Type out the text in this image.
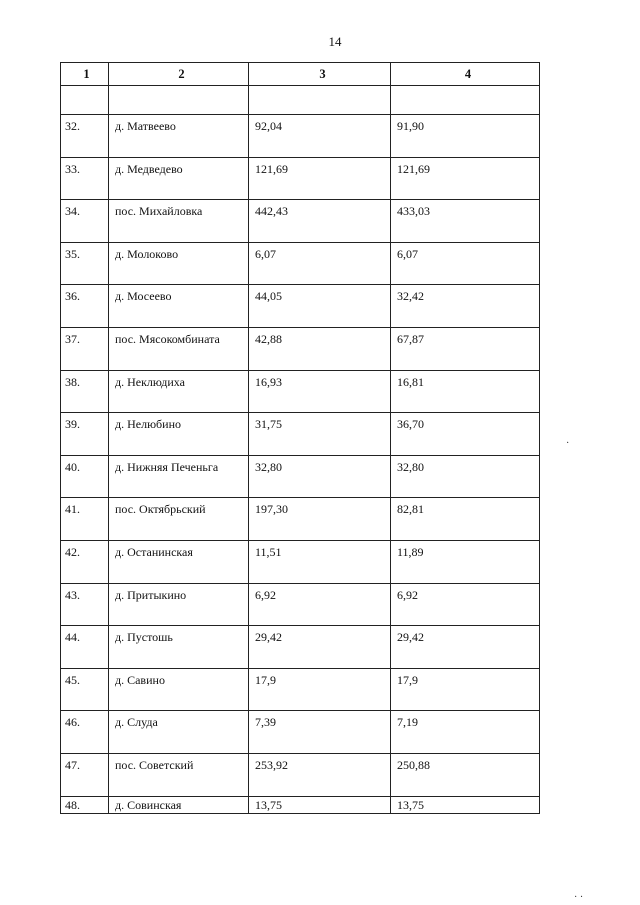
14
1	2	3	4

32.	д. Матвеево	92,04	91,90
33.	д. Медведево	121,69	121,69
34.	пос. Михайловка	442,43	433,03
35.	д. Молоково	6,07	6,07
36.	д. Мосеево	44,05	32,42
37.	пос. Мясокомбината	42,88	67,87
38.	д. Неклюдиха	16,93	16,81
39.	д. Нелюбино	31,75	36,70
40.	д. Нижняя Печеньга	32,80	32,80
41.	пос. Октябрьский	197,30	82,81
42.	д. Останинская	11,51	11,89
43.	д. Притыкино	6,92	6,92
44.	д. Пустошь	29,42	29,42
45.	д. Савино	17,9	17,9
46.	д. Слуда	7,39	7,19
47.	пос. Советский	253,92	250,88
48.	д. Совинская	13,75	13,75
·
· ·
